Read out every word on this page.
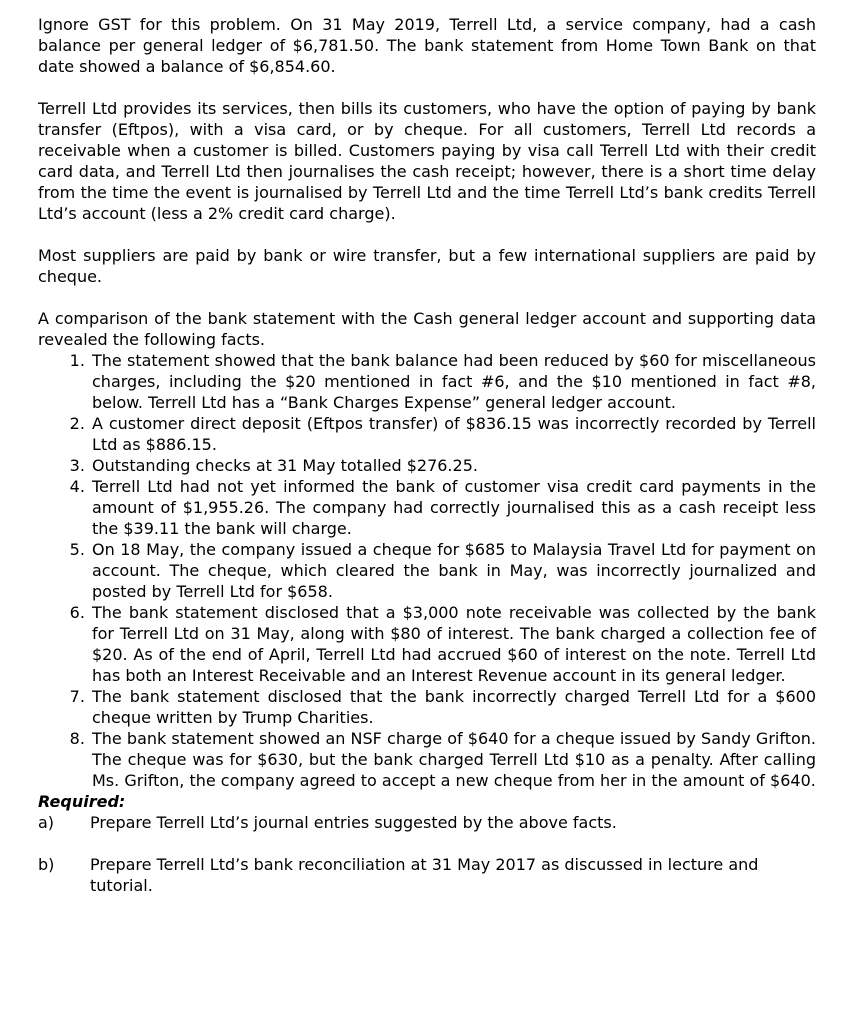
Ignore GST for this problem. On 31 May 2019, Terrell Ltd, a service company, had a cash balance per general ledger of $6,781.50. The bank statement from Home Town Bank on that date showed a balance of $6,854.60.

Terrell Ltd provides its services, then bills its customers, who have the option of paying by bank transfer (Eftpos), with a visa card, or by cheque. For all customers, Terrell Ltd records a receivable when a customer is billed. Customers paying by visa call Terrell Ltd with their credit card data, and Terrell Ltd then journalises the cash receipt; however, there is a short time delay from the time the event is journalised by Terrell Ltd and the time Terrell Ltd’s bank credits Terrell Ltd’s account (less a 2% credit card charge).

Most suppliers are paid by bank or wire transfer, but a few international suppliers are paid by cheque.

A comparison of the bank statement with the Cash general ledger account and supporting data revealed the following facts.

1. The statement showed that the bank balance had been reduced by $60 for miscellaneous charges, including the $20 mentioned in fact #6, and the $10 mentioned in fact #8, below. Terrell Ltd has a “Bank Charges Expense” general ledger account.
2. A customer direct deposit (Eftpos transfer) of $836.15 was incorrectly recorded by Terrell Ltd as $886.15.
3. Outstanding checks at 31 May totalled $276.25.
4. Terrell Ltd had not yet informed the bank of customer visa credit card payments in the amount of $1,955.26. The company had correctly journalised this as a cash receipt less the $39.11 the bank will charge.
5. On 18 May, the company issued a cheque for $685 to Malaysia Travel Ltd for payment on account. The cheque, which cleared the bank in May, was incorrectly journalized and posted by Terrell Ltd for $658.
6. The bank statement disclosed that a $3,000 note receivable was collected by the bank for Terrell Ltd on 31 May, along with $80 of interest. The bank charged a collection fee of $20. As of the end of April, Terrell Ltd had accrued $60 of interest on the note. Terrell Ltd has both an Interest Receivable and an Interest Revenue account in its general ledger.
7. The bank statement disclosed that the bank incorrectly charged Terrell Ltd for a $600 cheque written by Trump Charities.
8. The bank statement showed an NSF charge of $640 for a cheque issued by Sandy Grifton. The cheque was for $630, but the bank charged Terrell Ltd $10 as a penalty. After calling Ms. Grifton, the company agreed to accept a new cheque from her in the amount of $640.
Required:
a)	Prepare Terrell Ltd’s journal entries suggested by the above facts.
b)	Prepare Terrell Ltd’s bank reconciliation at 31 May 2017 as discussed in lecture and tutorial.
